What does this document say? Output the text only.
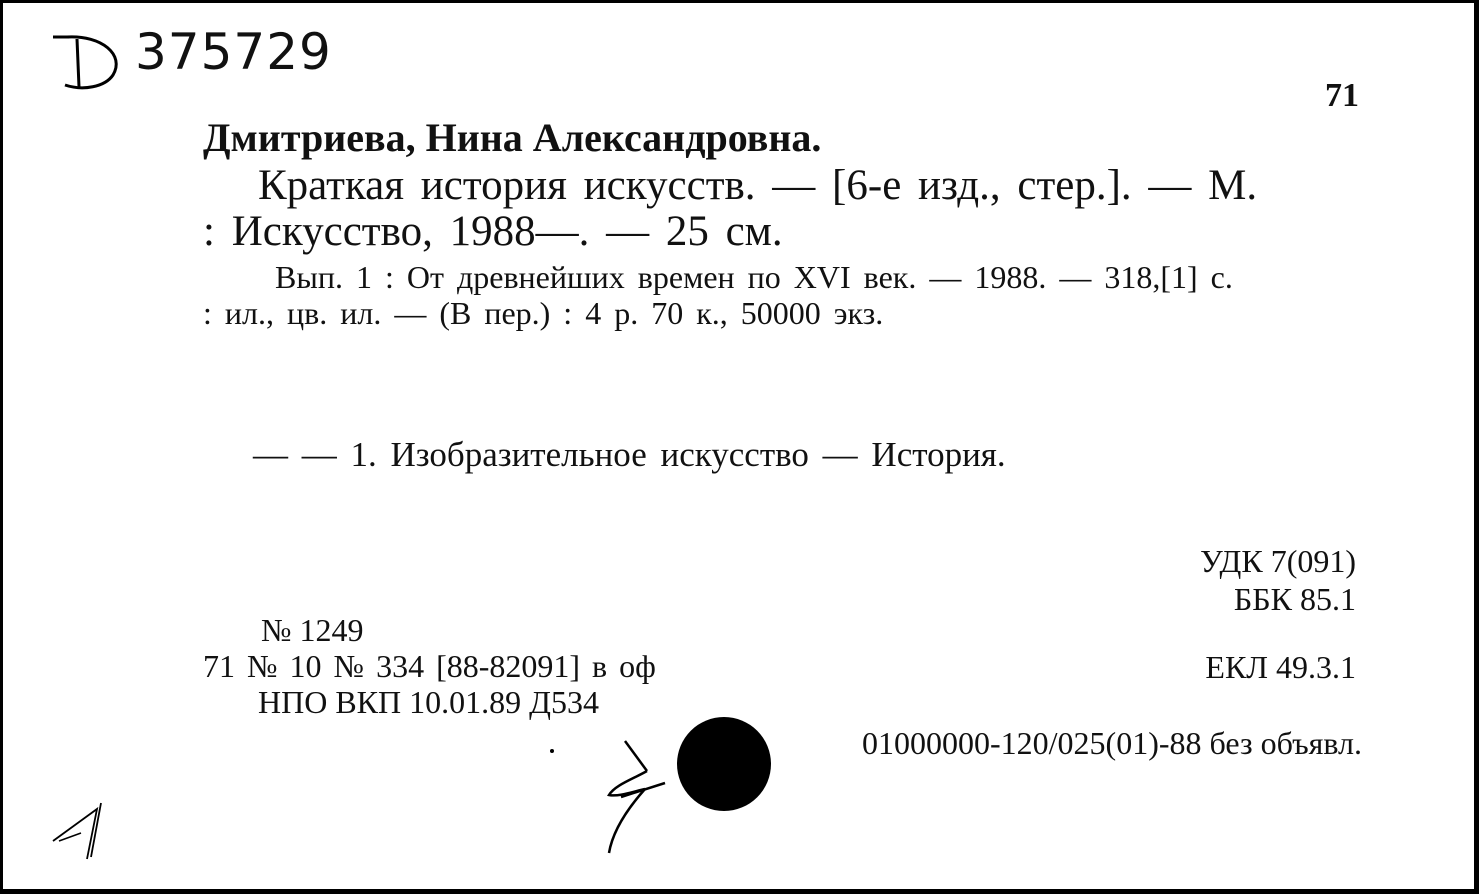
375729
71
Дмитриева, Нина Александровна.
Краткая история искусств. — [6-е изд., стер.]. — М.
: Искусство, 1988—. — 25 см.
Вып. 1 : От древнейших времен по XVI век. — 1988. — 318,[1] с.
: ил., цв. ил. — (В пер.) : 4 р. 70 к., 50000 экз.
— — 1. Изобразительное искусство — История.
УДК 7(091)
ББК 85.1
ЕКЛ 49.3.1
№ 1249
71 № 10 № 334 [88-82091] в оф
НПО ВКП 10.01.89 Д534
01000000-120/025(01)-88 без объявл.
